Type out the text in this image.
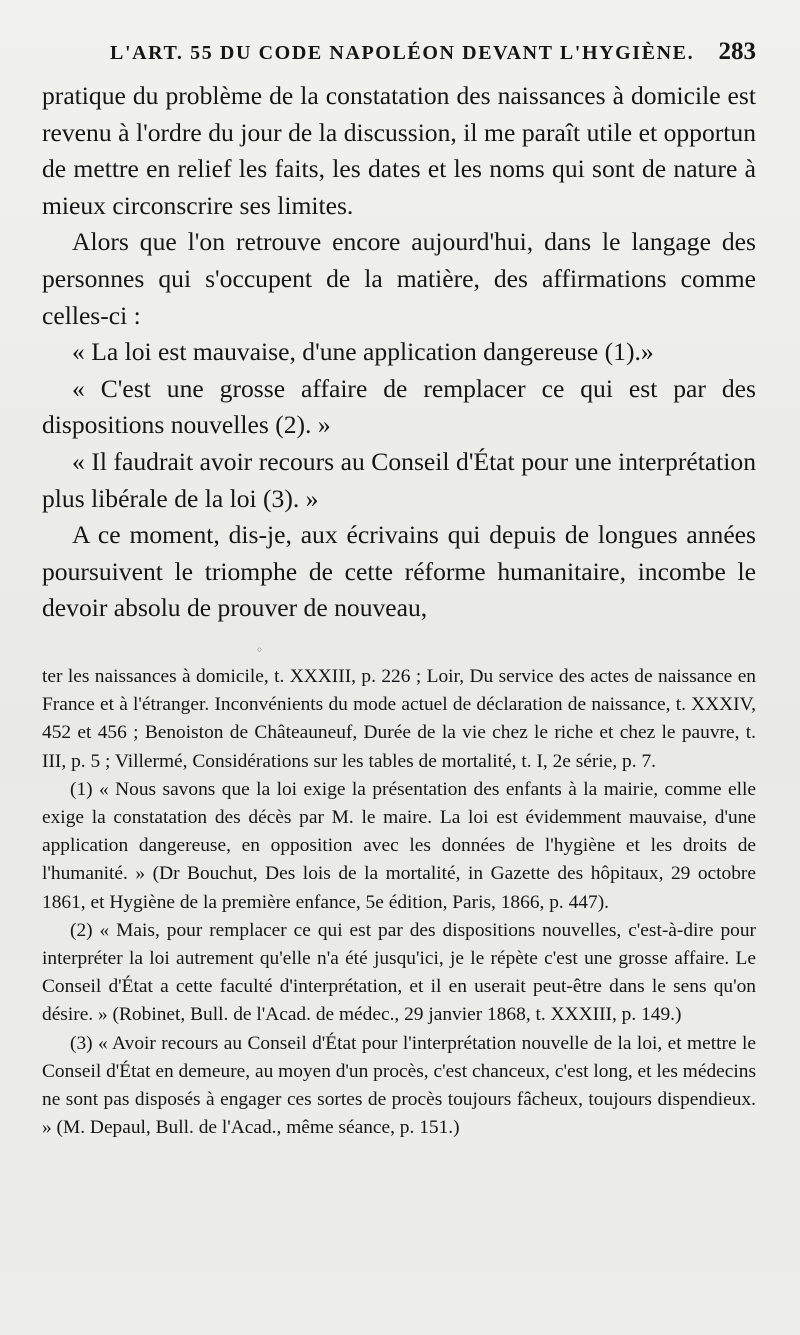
L'ART. 55 DU CODE NAPOLÉON DEVANT L'HYGIÈNE. 283

pratique du problème de la constatation des naissances à domicile est revenu à l'ordre du jour de la discussion, il me paraît utile et opportun de mettre en relief les faits, les dates et les noms qui sont de nature à mieux circonscrire ses limites.

Alors que l'on retrouve encore aujourd'hui, dans le langage des personnes qui s'occupent de la matière, des affirmations comme celles-ci :

« La loi est mauvaise, d'une application dangereuse (1).»

« C'est une grosse affaire de remplacer ce qui est par des dispositions nouvelles (2). »

« Il faudrait avoir recours au Conseil d'État pour une interprétation plus libérale de la loi (3). »

A ce moment, dis-je, aux écrivains qui depuis de longues années poursuivent le triomphe de cette réforme humanitaire, incombe le devoir absolu de prouver de nouveau,

◦

ter les naissances à domicile, t. XXXIII, p. 226 ; Loir, Du service des actes de naissance en France et à l'étranger. Inconvénients du mode actuel de déclaration de naissance, t. XXXIV, 452 et 456 ; Benoiston de Châteauneuf, Durée de la vie chez le riche et chez le pauvre, t. III, p. 5 ; Villermé, Considérations sur les tables de mortalité, t. I, 2e série, p. 7.

(1) « Nous savons que la loi exige la présentation des enfants à la mairie, comme elle exige la constatation des décès par M. le maire. La loi est évidemment mauvaise, d'une application dangereuse, en opposition avec les données de l'hygiène et les droits de l'humanité. » (Dr Bouchut, Des lois de la mortalité, in Gazette des hôpitaux, 29 octobre 1861, et Hygiène de la première enfance, 5e édition, Paris, 1866, p. 447).

(2) « Mais, pour remplacer ce qui est par des dispositions nouvelles, c'est-à-dire pour interpréter la loi autrement qu'elle n'a été jusqu'ici, je le répète c'est une grosse affaire. Le Conseil d'État a cette faculté d'interprétation, et il en userait peut-être dans le sens qu'on désire. » (Robinet, Bull. de l'Acad. de médec., 29 janvier 1868, t. XXXIII, p. 149.)

(3) « Avoir recours au Conseil d'État pour l'interprétation nouvelle de la loi, et mettre le Conseil d'État en demeure, au moyen d'un procès, c'est chanceux, c'est long, et les médecins ne sont pas disposés à engager ces sortes de procès toujours fâcheux, toujours dispendieux. » (M. Depaul, Bull. de l'Acad., même séance, p. 151.)
